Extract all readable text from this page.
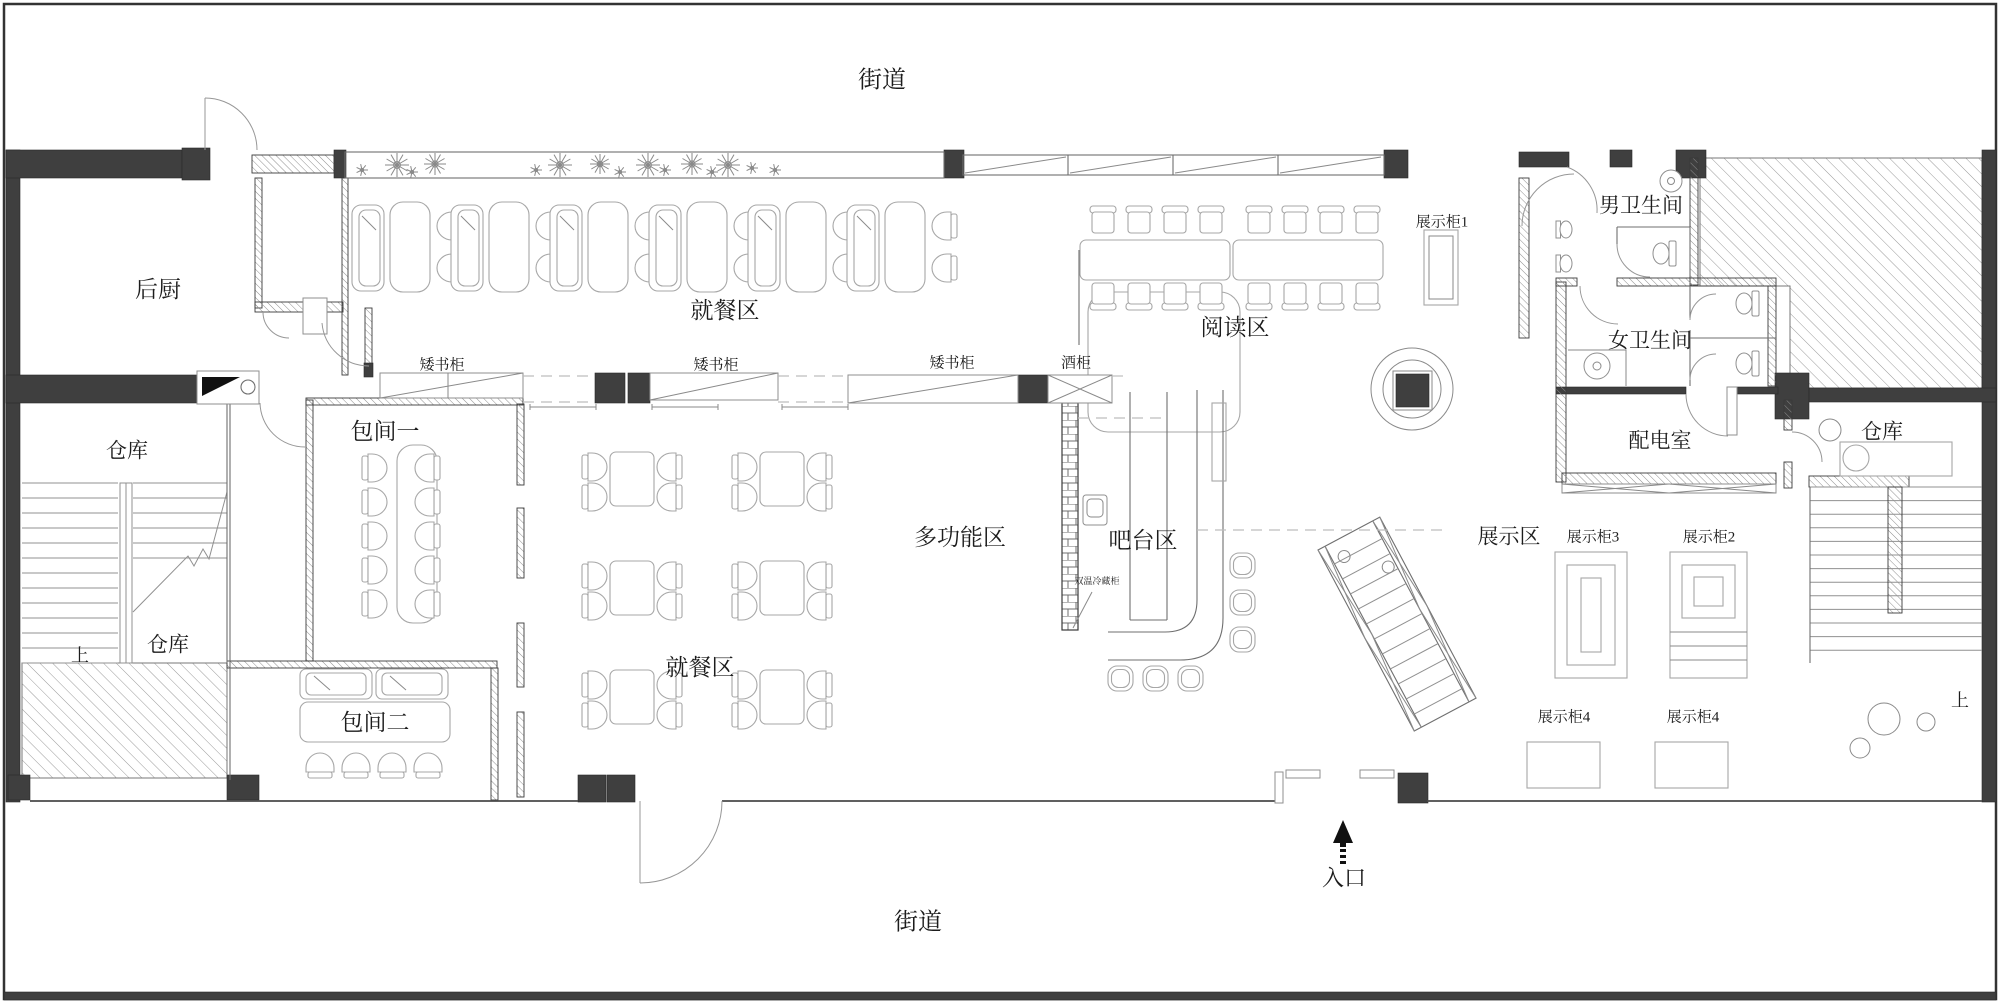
街道
街道
后厨
就餐区
阅读区
展示柜1
男卫生间
女卫生间
配电室
仓库
仓库
仓库
包间一
包间二
矮书柜	矮书柜	矮书柜	酒柜
多功能区	吧台区
就餐区
展示区 展示柜3	展示柜2
展示柜4	展示柜4
上
上
入口
双温冷藏柜
